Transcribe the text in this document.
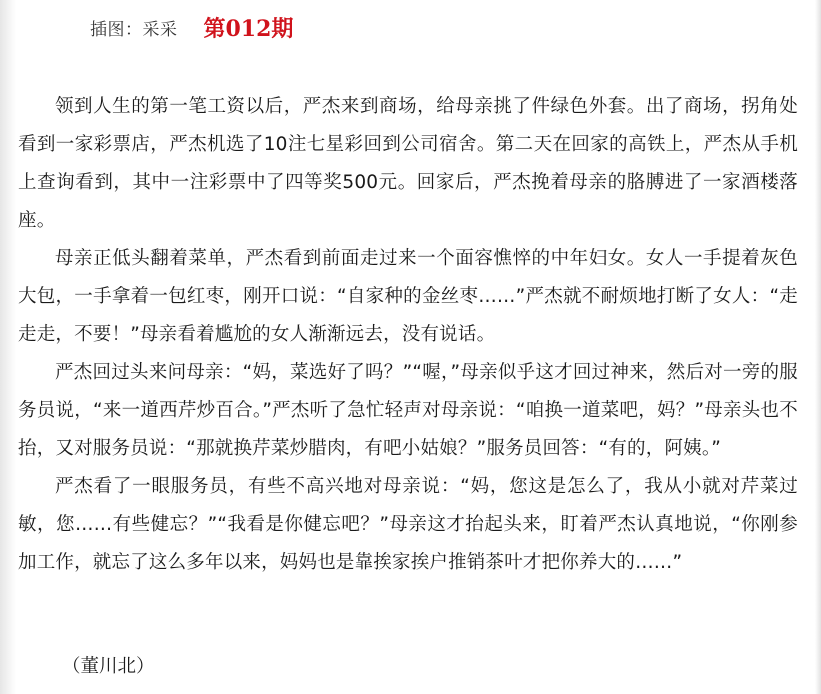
插图：采采 第012期

领到人生的第一笔工资以后，严杰来到商场，给母亲挑了件绿色外套。出了商场，拐角处看到一家彩票店，严杰机选了10注七星彩回到公司宿舍。第二天在回家的高铁上，严杰从手机上查询看到，其中一注彩票中了四等奖500元。回家后，严杰挽着母亲的胳膊进了一家酒楼落座。

母亲正低头翻着菜单，严杰看到前面走过来一个面容憔悴的中年妇女。女人一手提着灰色大包，一手拿着一包红枣，刚开口说：“自家种的金丝枣……”严杰就不耐烦地打断了女人：“走走走，不要！”母亲看着尴尬的女人渐渐远去，没有说话。

严杰回过头来问母亲：“妈，菜选好了吗？”“喔，”母亲似乎这才回过神来，然后对一旁的服务员说，“来一道西芹炒百合。”严杰听了急忙轻声对母亲说：“咱换一道菜吧，妈？”母亲头也不抬，又对服务员说：“那就换芹菜炒腊肉，有吧小姑娘？”服务员回答：“有的，阿姨。”

严杰看了一眼服务员，有些不高兴地对母亲说：“妈，您这是怎么了，我从小就对芹菜过敏，您……有些健忘？”“我看是你健忘吧？”母亲这才抬起头来，盯着严杰认真地说，“你刚参加工作，就忘了这么多年以来，妈妈也是靠挨家挨户推销茶叶才把你养大的……”

（董川北）
